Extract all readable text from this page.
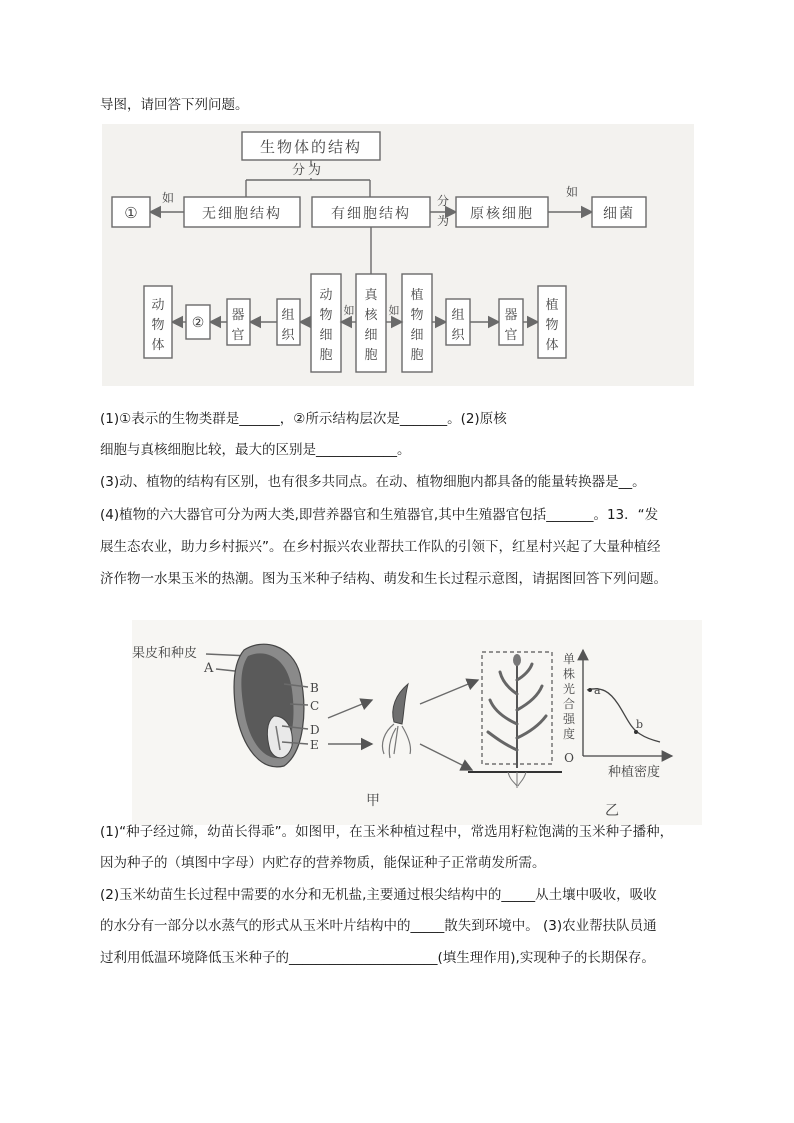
导图，请回答下列问题。
生物体的结构
分为
无细胞结构	有细胞结构
如
①
分
为 原核细胞
如
细菌
动物细胞
真核细胞
植物细胞
如	如
组织
器官
②
动物体
组织
器官
植物体
(1)①表示的生物类群是______，②所示结构层次是_______。(2)原核
细胞与真核细胞比较，最大的区别是____________。
(3)动、植物的结构有区别，也有很多共同点。在动、植物细胞内都具备的能量转换器是__。
(4)植物的六大器官可分为两大类,即营养器官和生殖器官,其中生殖器官包括_______。13．“发
展生态农业，助力乡村振兴”。在乡村振兴农业帮扶工作队的引领下，红星村兴起了大量种植经
济作物一水果玉米的热潮。图为玉米种子结构、萌发和生长过程示意图，请据图回答下列问题。
果皮和种皮
A
B
C
D
E
甲
a
b
单株光合强度
O
种植密度
乙
(1)“种子经过筛，幼苗长得乖”。如图甲，在玉米种植过程中，常选用籽粒饱满的玉米种子播种，
因为种子的（填图中字母）内贮存的营养物质，能保证种子正常萌发所需。
(2)玉米幼苗生长过程中需要的水分和无机盐,主要通过根尖结构中的_____从土壤中吸收，吸收
的水分有一部分以水蒸气的形式从玉米叶片结构中的_____散失到环境中。 (3)农业帮扶队员通
过利用低温环境降低玉米种子的______________________(填生理作用),实现种子的长期保存。
